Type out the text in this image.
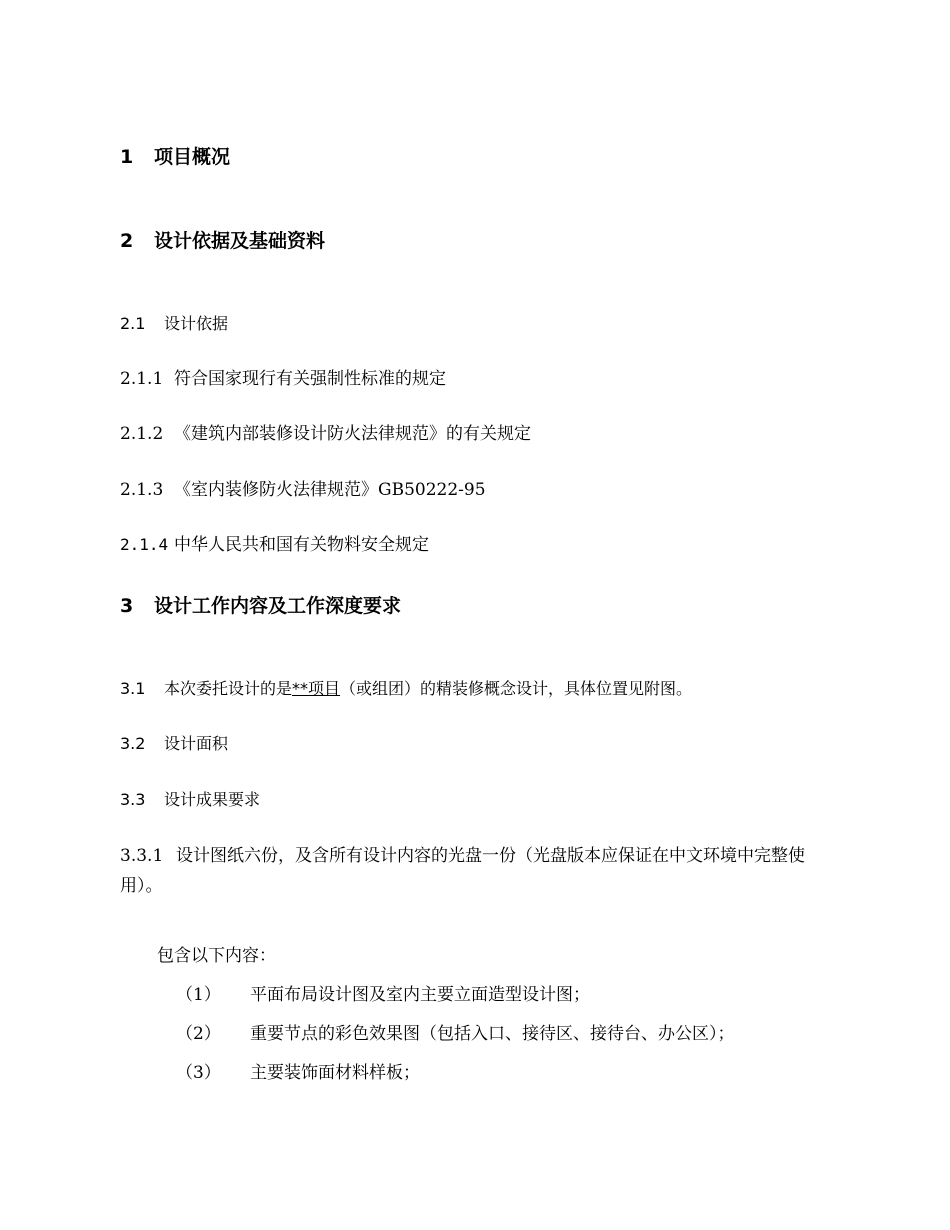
1 项目概况
2 设计依据及基础资料
2.1 设计依据
2.1.1 符合国家现行有关强制性标准的规定
2.1.2 《建筑内部装修设计防火法律规范》的有关规定
2.1.3 《室内装修防火法律规范》GB50222-95
2.1.4 中华人民共和国有关物料安全规定
3 设计工作内容及工作深度要求
3.1 本次委托设计的是**项目（或组团）的精装修概念设计，具体位置见附图。
3.2 设计面积
3.3 设计成果要求
3.3.1 设计图纸六份，及含所有设计内容的光盘一份（光盘版本应保证在中文环境中完整使用）。
包含以下内容：
（1） 平面布局设计图及室内主要立面造型设计图；
（2） 重要节点的彩色效果图（包括入口、接待区、接待台、办公区）；
（3） 主要装饰面材料样板；
